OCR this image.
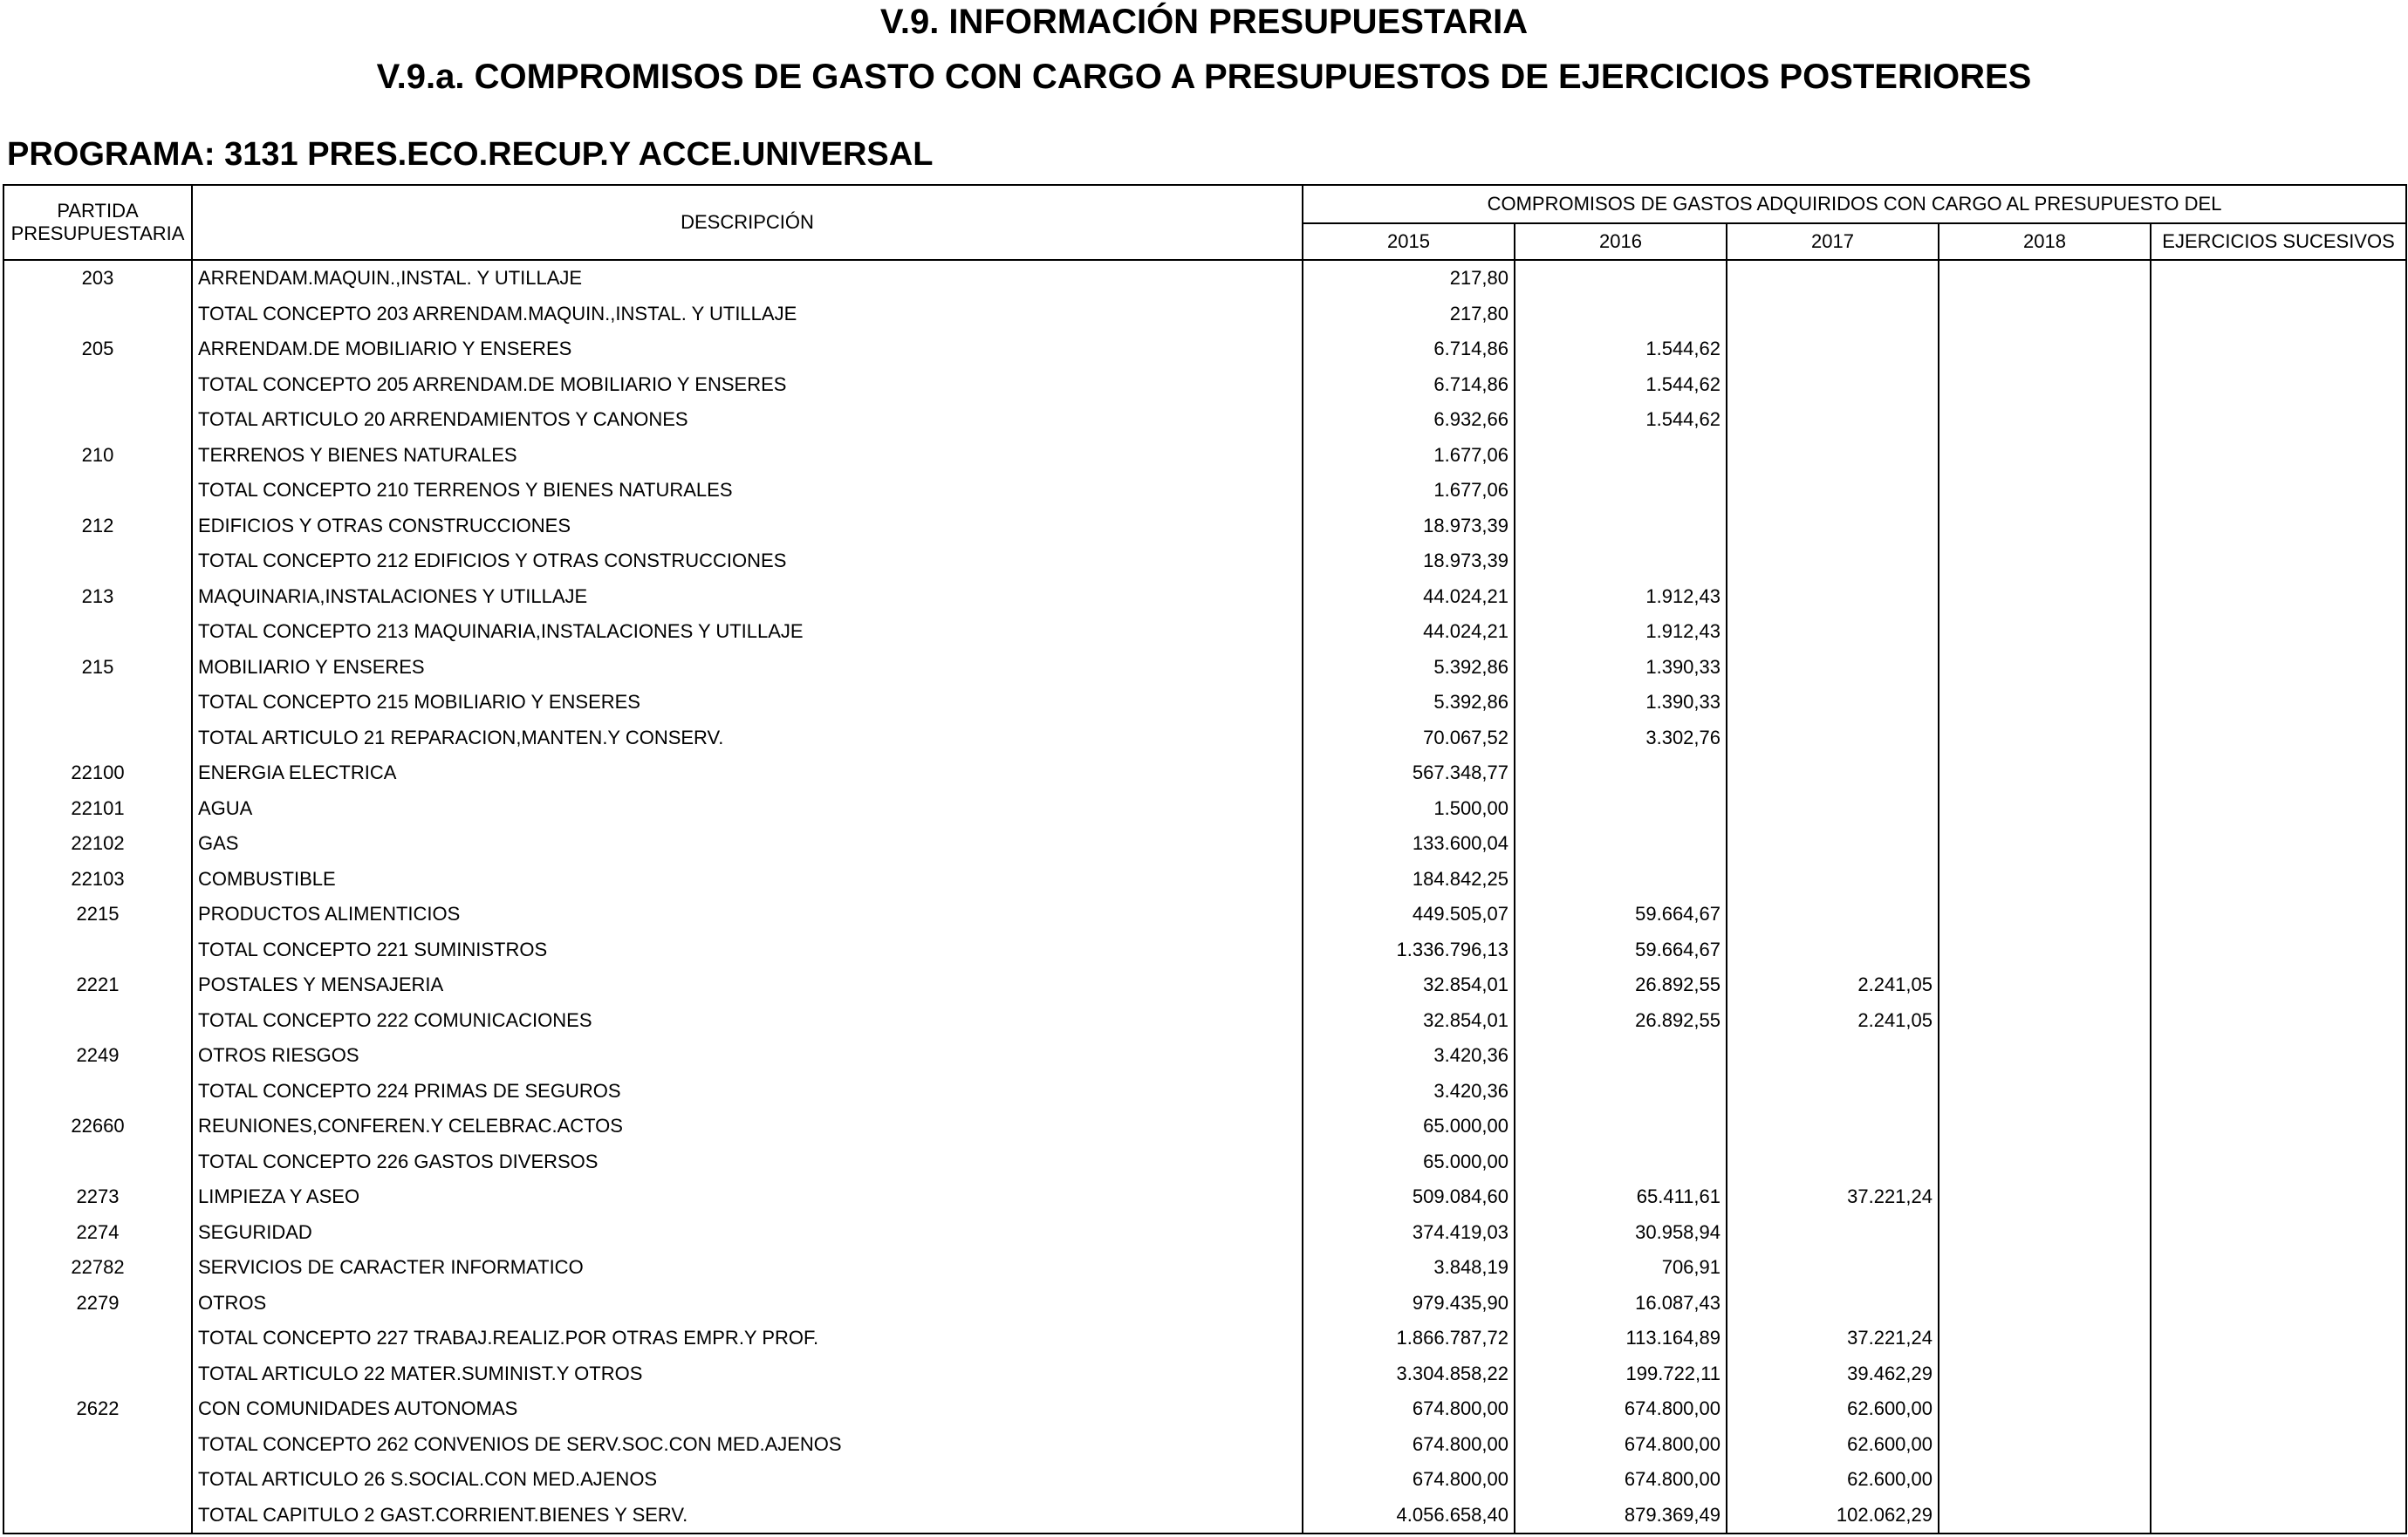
V.9. INFORMACIÓN PRESUPUESTARIA
V.9.a. COMPROMISOS DE GASTO CON CARGO A PRESUPUESTOS DE EJERCICIOS POSTERIORES
PROGRAMA: 3131 PRES.ECO.RECUP.Y ACCE.UNIVERSAL
PARTIDA PRESUPUESTARIA	DESCRIPCIÓN	COMPROMISOS DE GASTOS ADQUIRIDOS CON CARGO AL PRESUPUESTO DEL				
		2015	2016	2017	2018	EJERCICIOS SUCESIVOS
203	ARRENDAM.MAQUIN.,INSTAL. Y UTILLAJE	217,80				
	TOTAL CONCEPTO 203 ARRENDAM.MAQUIN.,INSTAL. Y UTILLAJE	217,80				
205	ARRENDAM.DE MOBILIARIO Y ENSERES	6.714,86	1.544,62			
	TOTAL CONCEPTO 205 ARRENDAM.DE MOBILIARIO Y ENSERES	6.714,86	1.544,62			
	TOTAL ARTICULO 20 ARRENDAMIENTOS Y CANONES	6.932,66	1.544,62			
210	TERRENOS Y BIENES NATURALES	1.677,06				
	TOTAL CONCEPTO 210 TERRENOS Y BIENES NATURALES	1.677,06				
212	EDIFICIOS Y OTRAS CONSTRUCCIONES	18.973,39				
	TOTAL CONCEPTO 212 EDIFICIOS Y OTRAS CONSTRUCCIONES	18.973,39				
213	MAQUINARIA,INSTALACIONES Y UTILLAJE	44.024,21	1.912,43			
	TOTAL CONCEPTO 213 MAQUINARIA,INSTALACIONES Y UTILLAJE	44.024,21	1.912,43			
215	MOBILIARIO Y ENSERES	5.392,86	1.390,33			
	TOTAL CONCEPTO 215 MOBILIARIO Y ENSERES	5.392,86	1.390,33			
	TOTAL ARTICULO 21 REPARACION,MANTEN.Y CONSERV.	70.067,52	3.302,76			
22100	ENERGIA ELECTRICA	567.348,77				
22101	AGUA	1.500,00				
22102	GAS	133.600,04				
22103	COMBUSTIBLE	184.842,25				
2215	PRODUCTOS ALIMENTICIOS	449.505,07	59.664,67			
	TOTAL CONCEPTO 221 SUMINISTROS	1.336.796,13	59.664,67			
2221	POSTALES Y MENSAJERIA	32.854,01	26.892,55	2.241,05		
	TOTAL CONCEPTO 222 COMUNICACIONES	32.854,01	26.892,55	2.241,05		
2249	OTROS RIESGOS	3.420,36				
	TOTAL CONCEPTO 224 PRIMAS DE SEGUROS	3.420,36				
22660	REUNIONES,CONFEREN.Y CELEBRAC.ACTOS	65.000,00				
	TOTAL CONCEPTO 226 GASTOS DIVERSOS	65.000,00				
2273	LIMPIEZA Y ASEO	509.084,60	65.411,61	37.221,24		
2274	SEGURIDAD	374.419,03	30.958,94			
22782	SERVICIOS DE CARACTER INFORMATICO	3.848,19	706,91			
2279	OTROS	979.435,90	16.087,43			
	TOTAL CONCEPTO 227 TRABAJ.REALIZ.POR OTRAS EMPR.Y PROF.	1.866.787,72	113.164,89	37.221,24		
	TOTAL ARTICULO 22 MATER.SUMINIST.Y OTROS	3.304.858,22	199.722,11	39.462,29		
2622	CON COMUNIDADES AUTONOMAS	674.800,00	674.800,00	62.600,00		
	TOTAL CONCEPTO 262 CONVENIOS DE SERV.SOC.CON MED.AJENOS	674.800,00	674.800,00	62.600,00		
	TOTAL ARTICULO 26 S.SOCIAL.CON MED.AJENOS	674.800,00	674.800,00	62.600,00		
	TOTAL CAPITULO 2 GAST.CORRIENT.BIENES Y SERV.	4.056.658,40	879.369,49	102.062,29		
